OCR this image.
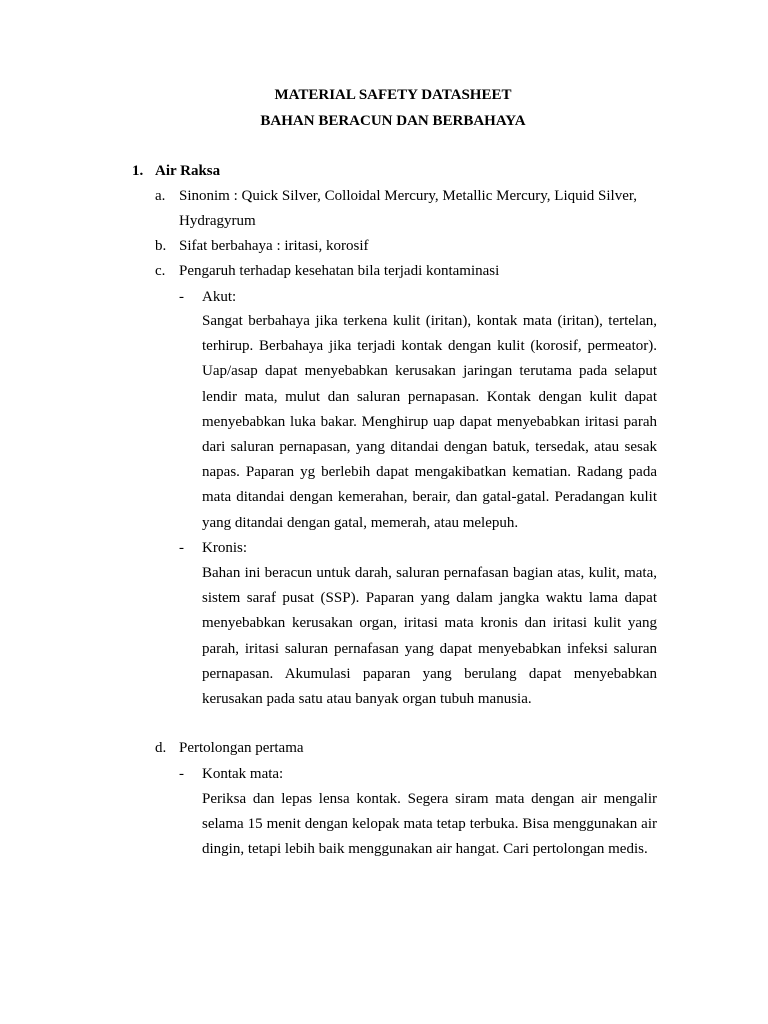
MATERIAL SAFETY DATASHEET
BAHAN BERACUN DAN BERBAHAYA
1. Air Raksa
a. Sinonim : Quick Silver, Colloidal Mercury, Metallic Mercury, Liquid Silver,
Hydragyrum
b. Sifat berbahaya : iritasi, korosif
c. Pengaruh terhadap kesehatan bila terjadi kontaminasi
- Akut:
Sangat berbahaya jika terkena kulit (iritan), kontak mata (iritan), tertelan, terhirup. Berbahaya jika terjadi kontak dengan kulit (korosif, permeator). Uap/asap dapat menyebabkan kerusakan jaringan terutama pada selaput lendir mata, mulut dan saluran pernapasan. Kontak dengan kulit dapat menyebabkan luka bakar. Menghirup uap dapat menyebabkan iritasi parah dari saluran pernapasan, yang ditandai dengan batuk, tersedak, atau sesak napas. Paparan yg berlebih dapat mengakibatkan kematian. Radang pada mata ditandai dengan kemerahan, berair, dan gatal-gatal. Peradangan kulit yang ditandai dengan gatal, memerah, atau melepuh.
- Kronis:
Bahan ini beracun untuk darah, saluran pernafasan bagian atas, kulit, mata, sistem saraf pusat (SSP). Paparan yang dalam jangka waktu lama dapat menyebabkan kerusakan organ, iritasi mata kronis dan iritasi kulit yang parah, iritasi saluran pernafasan yang dapat menyebabkan infeksi saluran pernapasan. Akumulasi paparan yang berulang dapat menyebabkan kerusakan pada satu atau banyak organ tubuh manusia.
d. Pertolongan pertama
- Kontak mata:
Periksa dan lepas lensa kontak. Segera siram mata dengan air mengalir selama 15 menit dengan kelopak mata tetap terbuka. Bisa menggunakan air dingin, tetapi lebih baik menggunakan air hangat. Cari pertolongan medis.
